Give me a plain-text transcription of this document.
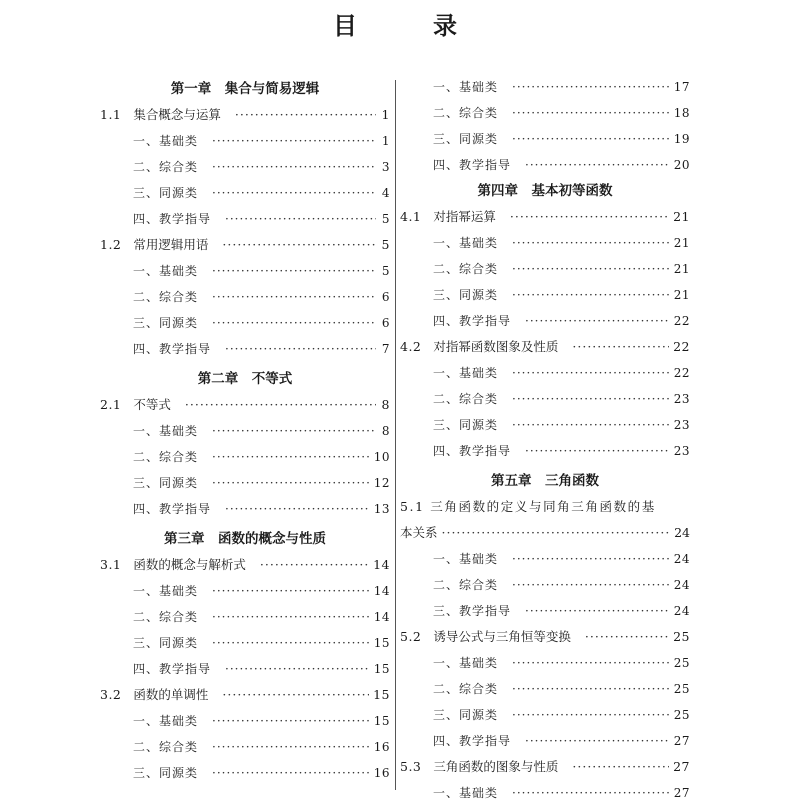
目　录
第一章　集合与简易逻辑
1.1 集合概念与运算 ·····	1
一、基础类 ·····	1
二、综合类 ·····	3
三、同源类 ·····	4
四、教学指导 ·····	5
1.2 常用逻辑用语 ·····	5
一、基础类 ·····	5
二、综合类 ·····	6
三、同源类 ·····	6
四、教学指导 ·····	7
第二章　不等式
2.1 不等式 ·····	8
一、基础类 ·····	8
二、综合类 ·····	10
三、同源类 ·····	12
四、教学指导 ·····	13
第三章　函数的概念与性质
3.1 函数的概念与解析式 ·····	14
一、基础类 ·····	14
二、综合类 ·····	14
三、同源类 ·····	15
四、教学指导 ·····	15
3.2 函数的单调性 ·····	15
一、基础类 ·····	15
二、综合类 ·····	16
三、同源类 ·····	16
一、基础类 ·····	17
二、综合类 ·····	18
三、同源类 ·····	19
四、教学指导 ·····	20
第四章　基本初等函数
4.1 对指幂运算 ·····	21
一、基础类 ·····	21
二、综合类 ·····	21
三、同源类 ·····	21
四、教学指导 ·····	22
4.2 对指幂函数图象及性质 ·····	22
一、基础类 ·····	22
二、综合类 ·····	23
三、同源类 ·····	23
四、教学指导 ·····	23
第五章　三角函数
5.1 三角函数的定义与同角三角函数的基
本关系 ·····	24
一、基础类 ·····	24
二、综合类 ·····	24
三、教学指导 ·····	24
5.2 诱导公式与三角恒等变换 ·····	25
一、基础类 ·····	25
二、综合类 ·····	25
三、同源类 ·····	25
四、教学指导 ·····	27
5.3 三角函数的图象与性质 ·····	27
一、基础类 ·····	27
